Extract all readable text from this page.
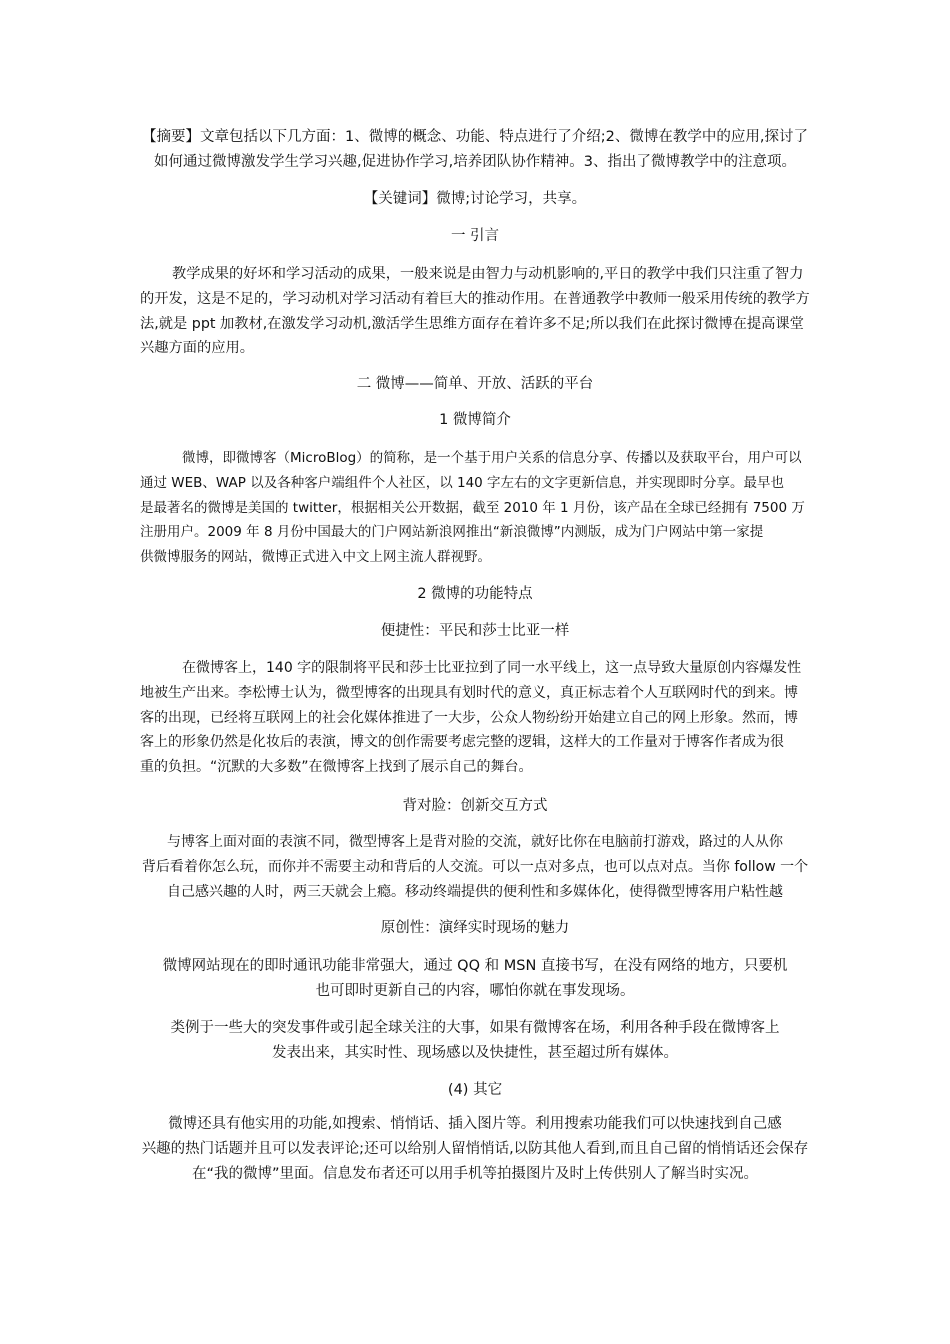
【摘要】文章包括以下几方面：1、微博的概念、功能、特点进行了介绍;2、微博在教学中的应用,探讨了
如何通过微博激发学生学习兴趣,促进协作学习,培养团队协作精神。3、指出了微博教学中的注意项。
【关键词】微博;讨论学习，共享。
一 引言
教学成果的好坏和学习活动的成果，一般来说是由智力与动机影响的,平日的教学中我们只注重了智力
的开发，这是不足的，学习动机对学习活动有着巨大的推动作用。在普通教学中教师一般采用传统的教学方
法,就是 ppt 加教材,在激发学习动机,激活学生思维方面存在着许多不足;所以我们在此探讨微博在提高课堂
兴趣方面的应用。
二 微博——简单、开放、活跃的平台
1 微博简介
微博，即微博客（MicroBlog）的简称，是一个基于用户关系的信息分享、传播以及获取平台，用户可以
通过 WEB、WAP 以及各种客户端组件个人社区，以 140 字左右的文字更新信息，并实现即时分享。最早也
是最著名的微博是美国的 twitter，根据相关公开数据，截至 2010 年 1 月份，该产品在全球已经拥有 7500 万
注册用户。2009 年 8 月份中国最大的门户网站新浪网推出“新浪微博”内测版，成为门户网站中第一家提
供微博服务的网站，微博正式进入中文上网主流人群视野。
2 微博的功能特点
便捷性：平民和莎士比亚一样
在微博客上，140 字的限制将平民和莎士比亚拉到了同一水平线上，这一点导致大量原创内容爆发性
地被生产出来。李松博士认为，微型博客的出现具有划时代的意义，真正标志着个人互联网时代的到来。博
客的出现，已经将互联网上的社会化媒体推进了一大步，公众人物纷纷开始建立自己的网上形象。然而，博
客上的形象仍然是化妆后的表演，博文的创作需要考虑完整的逻辑，这样大的工作量对于博客作者成为很
重的负担。“沉默的大多数”在微博客上找到了展示自己的舞台。
背对脸：创新交互方式
与博客上面对面的表演不同，微型博客上是背对脸的交流，就好比你在电脑前打游戏，路过的人从你
背后看着你怎么玩，而你并不需要主动和背后的人交流。可以一点对多点，也可以点对点。当你 follow 一个
自己感兴趣的人时，两三天就会上瘾。移动终端提供的便利性和多媒体化，使得微型博客用户粘性越
原创性：演绎实时现场的魅力
微博网站现在的即时通讯功能非常强大，通过 QQ 和 MSN 直接书写，在没有网络的地方，只要机
也可即时更新自己的内容，哪怕你就在事发现场。
类例于一些大的突发事件或引起全球关注的大事，如果有微博客在场，利用各种手段在微博客上
发表出来，其实时性、现场感以及快捷性，甚至超过所有媒体。
(4) 其它
微博还具有他实用的功能,如搜索、悄悄话、插入图片等。利用搜索功能我们可以快速找到自己感
兴趣的热门话题并且可以发表评论;还可以给别人留悄悄话,以防其他人看到,而且自己留的悄悄话还会保存
在“我的微博”里面。信息发布者还可以用手机等拍摄图片及时上传供别人了解当时实况。
